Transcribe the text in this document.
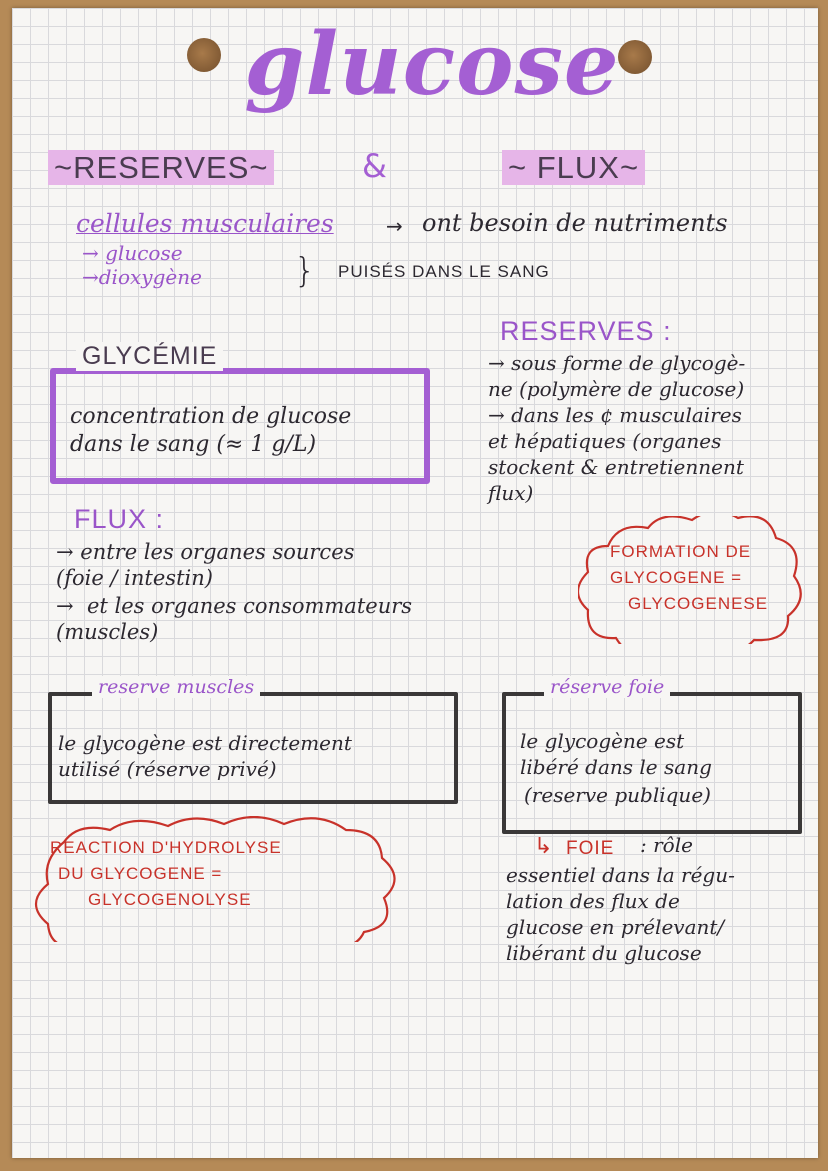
glucose
~RESERVES~	&	~ FLUX~
cellules musculaires	→ ont besoin de nutriments
→ glucose
→dioxygène	} PUISÉS DANS LE SANG
GLYCÉMIE
concentration de glucose
dans le sang (≈ 1 g/L)
RESERVES :
→ sous forme de glycogè-
ne (polymère de glucose)
→ dans les ¢ musculaires
et hépatiques (organes
stockent & entretiennent
flux)
FLUX :
→ entre les organes sources
(foie / intestin)
→  et les organes consommateurs
(muscles)
FORMATION DE
GLYCOGENE =
GLYCOGENESE
reserve muscles
le glycogène est directement
utilisé (réserve privé)
réserve foie
le glycogène est
libéré dans le sang
(reserve publique)
REACTION D'HYDROLYSE
DU GLYCOGENE =
GLYCOGENOLYSE
↳ FOIE : rôle
essentiel dans la régu-
lation des flux de
glucose en prélevant/
libérant du glucose
